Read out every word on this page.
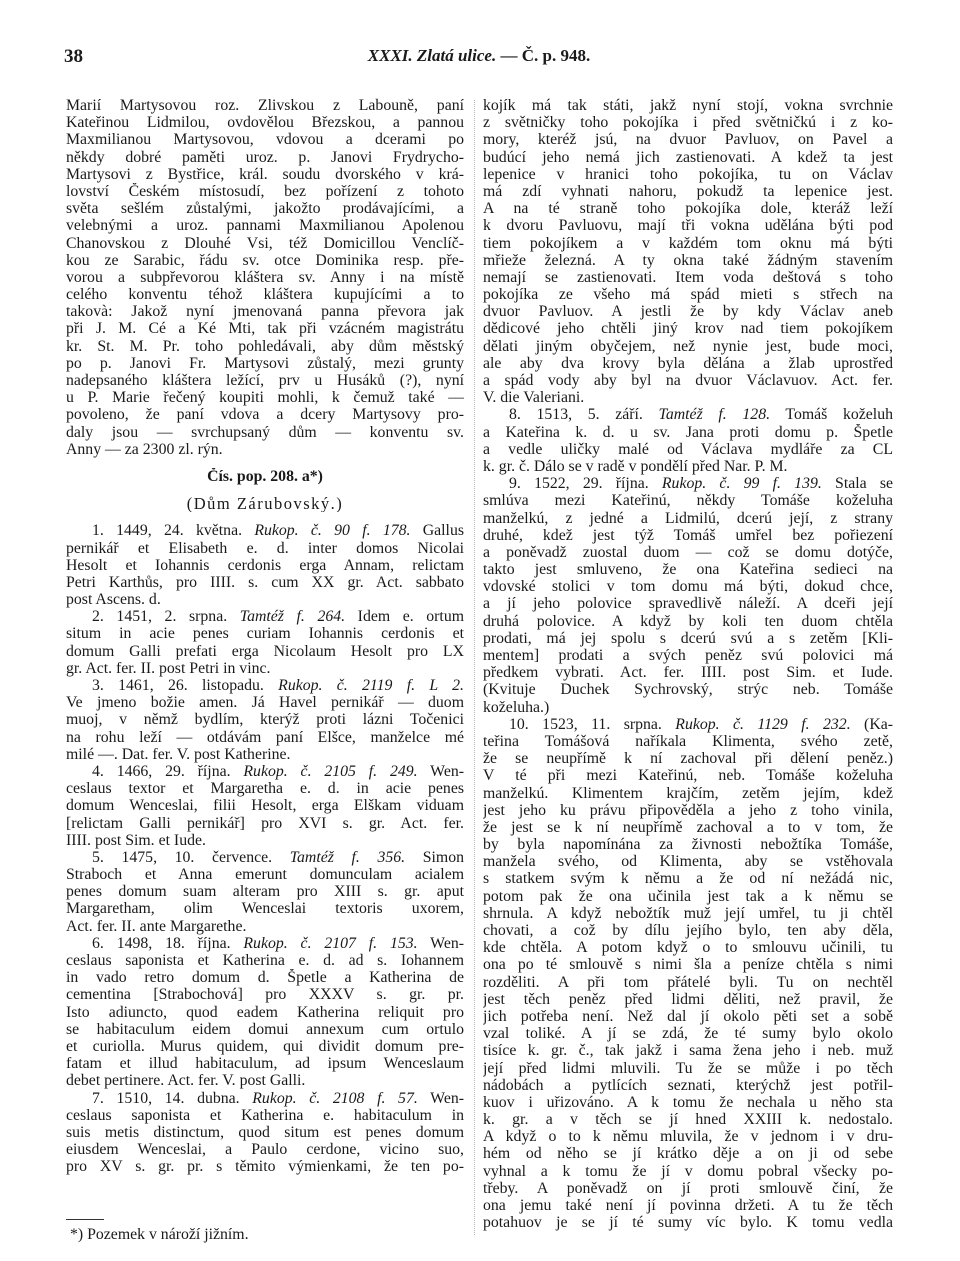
38	XXXI. Zlatá ulice. — Č. p. 948.
Marií Martysovou roz. Zlivskou z Labouně, paní
Kateřinou Lidmilou, ovdovělou Březskou, a pannou
Maxmilianou Martysovou, vdovou a dcerami po
někdy dobré paměti uroz. p. Janovi Frydrycho-
Martysovi z Bystřice, král. soudu dvorského v krá-
lovství Českém místosudí, bez pořízení z tohoto
světa sešlém zůstalými, jakožto prodávajícími, a
velebnými a uroz. pannami Maxmilianou Apolenou
Chanovskou z Dlouhé Vsi, též Domicillou Venclíč-
kou ze Sarabic, řádu sv. otce Dominika resp. pře-
vorou a subpřevorou kláštera sv. Anny i na místě
celého konventu téhož kláštera kupujícími a to
takovà: Jakož nyní jmenovaná panna převora jak
při J. M. Cé a Ké Mti, tak při vzácném magistrátu
kr. St. M. Pr. toho pohledávali, aby dům městský
po p. Janovi Fr. Martysovi zůstalý, mezi grunty
nadepsaného kláštera ležící, prv u Husáků (?), nyní
u P. Marie řečený koupiti mohli, k čemuž také —
povoleno, že paní vdova a dcery Martysovy pro-
daly jsou — svrchupsaný dům — konventu sv.
Anny — za 2300 zl. rýn.
Čís. pop. 208. a*)
(Dům Zárubovský.)
1. 1449, 24. května. Rukop. č. 90 f. 178. Gallus
pernikář et Elisabeth e. d. inter domos Nicolai
Hesolt et Iohannis cerdonis erga Annam, relictam
Petri Karthůs, pro IIII. s. cum XX gr. Act. sabbato
post Ascens. d.
2. 1451, 2. srpna. Tamtéž f. 264. Idem e. ortum
situm in acie penes curiam Iohannis cerdonis et
domum Galli prefati erga Nicolaum Hesolt pro LX
gr. Act. fer. II. post Petri in vinc.
3. 1461, 26. listopadu. Rukop. č. 2119 f. L 2.
Ve jmeno božie amen. Já Havel pernikář — duom
muoj, v němž bydlím, kterýž proti lázni Točenici
na rohu leží — otdávám paní Elšce, manželce mé
milé —. Dat. fer. V. post Katherine.
4. 1466, 29. října. Rukop. č. 2105 f. 249. Wen-
ceslaus textor et Margaretha e. d. in acie penes
domum Wenceslai, filii Hesolt, erga Elškam viduam
[relictam Galli pernikář] pro XVI s. gr. Act. fer.
IIII. post Sim. et Iude.
5. 1475, 10. července. Tamtéž f. 356. Simon
Straboch et Anna emerunt domunculam acialem
penes domum suam alteram pro XIII s. gr. aput
Margaretham, olim Wenceslai textoris uxorem,
Act. fer. II. ante Margarethe.
6. 1498, 18. října. Rukop. č. 2107 f. 153. Wen-
ceslaus saponista et Katherina e. d. ad s. Iohannem
in vado retro domum d. Špetle a Katherina de
cementina [Strabochová] pro XXXV s. gr. pr.
Isto adiuncto, quod eadem Katherina reliquit pro
se habitaculum eidem domui annexum cum ortulo
et curiolla. Murus quidem, qui dividit domum pre-
fatam et illud habitaculum, ad ipsum Wenceslaum
debet pertinere. Act. fer. V. post Galli.
7. 1510, 14. dubna. Rukop. č. 2108 f. 57. Wen-
ceslaus saponista et Katherina e. habitaculum in
suis metis distinctum, quod situm est penes domum
eiusdem Wenceslai, a Paulo cerdone, vicino suo,
pro XV s. gr. pr. s těmito výmienkami, že ten po-
kojík má tak státi, jakž nyní stojí, vokna svrchnie
z světničky toho pokojíka i před světničkú i z ko-
mory, kteréž jsú, na dvuor Pavluov, on Pavel a
budúcí jeho nemá jich zastienovati. A kdež ta jest
lepenice v hranici toho pokojíka, tu on Václav
má zdí vyhnati nahoru, pokudž ta lepenice jest.
A na té straně toho pokojíka dole, kteráž leží
k dvoru Pavluovu, mají tři vokna udělána býti pod
tiem pokojíkem a v každém tom oknu má býti
mřieže železná. A ty okna také žádným stavením
nemají se zastienovati. Item voda deštová s toho
pokojíka ze všeho má spád mieti s střech na
dvuor Pavluov. A jestli že by kdy Václav aneb
dědicové jeho chtěli jiný krov nad tiem pokojíkem
dělati jiným obyčejem, než nynie jest, bude moci,
ale aby dva krovy byla dělána a žlab uprostřed
a spád vody aby byl na dvuor Václavuov. Act. fer.
V. die Valeriani.
8. 1513, 5. září. Tamtéž f. 128. Tomáš koželuh
a Kateřina k. d. u sv. Jana proti domu p. Špetle
a vedle uličky malé od Václava mydláře za CL
k. gr. č. Dálo se v radě v pondělí před Nar. P. M.
9. 1522, 29. října. Rukop. č. 99 f. 139. Stala se
smlúva mezi Kateřinú, někdy Tomáše koželuha
manželkú, z jedné a Lidmilú, dcerú její, z strany
druhé, kdež jest týž Tomáš umřel bez pořiezení
a poněvadž zuostal duom — což se domu dotýče,
takto jest smluveno, že ona Kateřina sedieci na
vdovské stolici v tom domu má býti, dokud chce,
a jí jeho polovice spravedlivě náleží. A dceři její
druhá polovice. A když by koli ten duom chtěla
prodati, má jej spolu s dcerú svú a s zetěm [Kli-
mentem] prodati a svých peněz svú polovici má
předkem vybrati. Act. fer. IIII. post Sim. et Iude.
(Kvituje Duchek Sychrovský, strýc neb. Tomáše
koželuha.)
10. 1523, 11. srpna. Rukop. č. 1129 f. 232. (Ka-
teřina Tomášová naříkala Klimenta, svého zetě,
že se neupřímě k ní zachoval při dělení peněz.)
V té při mezi Kateřinú, neb. Tomáše koželuha
manželkú. Klimentem krajčím, zetěm jejím, kdež
jest jeho ku právu připověděla a jeho z toho vinila,
že jest se k ní neupřímě zachoval a to v tom, že
by byla napomínána za živnosti nebožtíka Tomáše,
manžela svého, od Klimenta, aby se vstěhovala
s statkem svým k němu a že od ní nežádá nic,
potom pak že ona učinila jest tak a k němu se
shrnula. A když nebožtík muž její umřel, tu ji chtěl
chovati, a což by dílu jejího bylo, ten aby děla,
kde chtěla. A potom když o to smlouvu učinili, tu
ona po té smlouvě s nimi šla a peníze chtěla s nimi
rozděliti. A při tom přátelé byli. Tu on nechtěl
jest těch peněz před lidmi děliti, než pravil, že
jich potřeba není. Než dal jí okolo pěti set a sobě
vzal toliké. A jí se zdá, že té sumy bylo okolo
tisíce k. gr. č., tak jakž i sama žena jeho i neb. muž
její před lidmi mluvili. Tu že se může i po těch
nádobách a pytlících seznati, kterýchž jest potřil-
kuov i uřizováno. A k tomu že nechala u něho sta
k. gr. a v těch se jí hned XXIII k. nedostalo.
A když o to k němu mluvila, že v jednom i v dru-
hém od něho se jí krátko děje a on ji od sebe
vyhnal a k tomu že jí v domu pobral všecky po-
třeby. A poněvadž on jí proti smlouvě činí, že
ona jemu také není jí povinna držeti. A tu že těch
potahuov je se jí té sumy víc bylo. K tomu vedla
*) Pozemek v nároží jižním.
